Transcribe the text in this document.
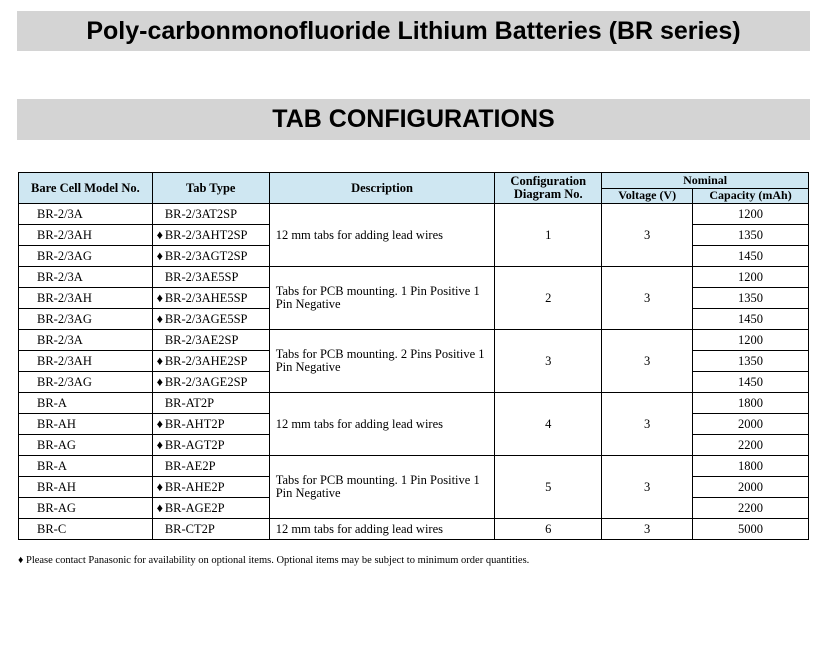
Poly-carbonmonofluoride Lithium Batteries (BR series)
TAB CONFIGURATIONS
Bare Cell Model No.	Tab Type	Description	Configuration Diagram No.	Nominal	
				Voltage (V)	Capacity (mAh)
BR-2/3A	BR-2/3AT2SP	12 mm tabs for adding lead wires	1	3	1200
BR-2/3AH	♦ BR-2/3AHT2SP				1350
BR-2/3AG	♦ BR-2/3AGT2SP				1450
BR-2/3A	BR-2/3AE5SP	Tabs for PCB mounting. 1 Pin Positive 1 Pin Negative	2	3	1200
BR-2/3AH	♦ BR-2/3AHE5SP				1350
BR-2/3AG	♦ BR-2/3AGE5SP				1450
BR-2/3A	BR-2/3AE2SP	Tabs for PCB mounting. 2 Pins Positive 1 Pin Negative	3	3	1200
BR-2/3AH	♦ BR-2/3AHE2SP				1350
BR-2/3AG	♦ BR-2/3AGE2SP				1450
BR-A	BR-AT2P	12 mm tabs for adding lead wires	4	3	1800
BR-AH	♦ BR-AHT2P				2000
BR-AG	♦ BR-AGT2P				2200
BR-A	BR-AE2P	Tabs for PCB mounting. 1 Pin Positive 1 Pin Negative	5	3	1800
BR-AH	♦ BR-AHE2P				2000
BR-AG	♦ BR-AGE2P				2200
BR-C	BR-CT2P	12 mm tabs for adding lead wires	6	3	5000
♦ Please contact Panasonic for availability on optional items. Optional items may be subject to minimum order quantities.
